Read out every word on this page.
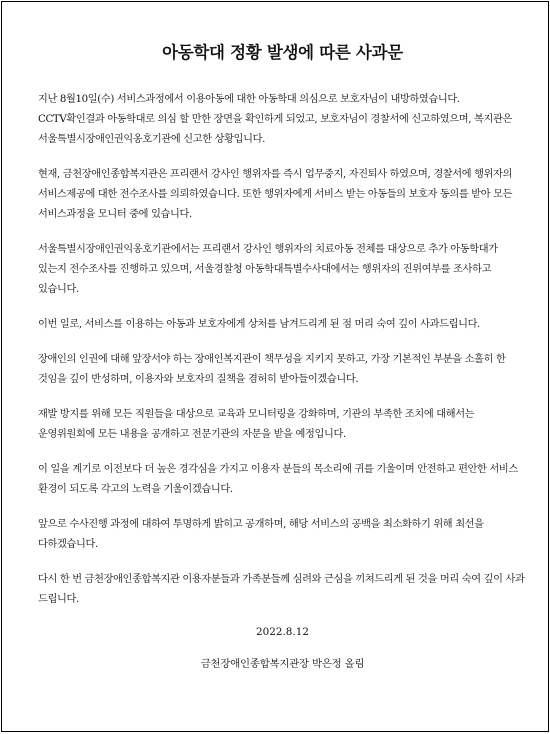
아동학대 정황 발생에 따른 사과문

지난 8월10일(수) 서비스과정에서 이용아동에 대한 아동학대 의심으로 보호자님이 내방하였습니다. CCTV확인결과 아동학대로 의심 할 만한 장면을 확인하게 되었고, 보호자님이 경찰서에 신고하였으며, 복지관은 서울특별시장애인권익옹호기관에 신고한 상황입니다.

현재, 금천장애인종합복지관은 프리랜서 강사인 행위자를 즉시 업무중지, 자진퇴사 하였으며, 경찰서에 행위자의 서비스제공에 대한 전수조사를 의뢰하였습니다. 또한 행위자에게 서비스 받는 아동들의 보호자 동의를 받아 모든 서비스과정을 모니터 중에 있습니다.

서울특별시장애인권익옹호기관에서는 프리랜서 강사인 행위자의 치료아동 전체를 대상으로 추가 아동학대가 있는지 전수조사를 진행하고 있으며, 서울경찰청 아동학대특별수사대에서는 행위자의 진위여부를 조사하고 있습니다.

이번 일로, 서비스를 이용하는 아동과 보호자에게 상처를 남겨드리게 된 점 머리 숙여 깊이 사과드립니다.

장애인의 인권에 대해 앞장서야 하는 장애인복지관이 책무성을 지키지 못하고, 가장 기본적인 부분을 소홀히 한 것임을 깊이 반성하며, 이용자와 보호자의 질책을 겸허히 받아들이겠습니다.

재발 방지를 위해 모든 직원들을 대상으로 교육과 모니터링을 강화하며, 기관의 부족한 조치에 대해서는 운영위원회에 모든 내용을 공개하고 전문기관의 자문을 받을 예정입니다.

이 일을 계기로 이전보다 더 높은 경각심을 가지고 이용자 분들의 목소리에 귀를 기울이며 안전하고 편안한 서비스 환경이 되도록 각고의 노력을 기울이겠습니다.

앞으로 수사진행 과정에 대하여 투명하게 밝히고 공개하며, 해당 서비스의 공백을 최소화하기 위해 최선을 다하겠습니다.

다시 한 번 금천장애인종합복지관 이용자분들과 가족분들께 심려와 근심을 끼쳐드리게 된 것을 머리 숙여 깊이 사과 드립니다.

2022.8.12
금천장애인종합복지관장 박은정 올림
